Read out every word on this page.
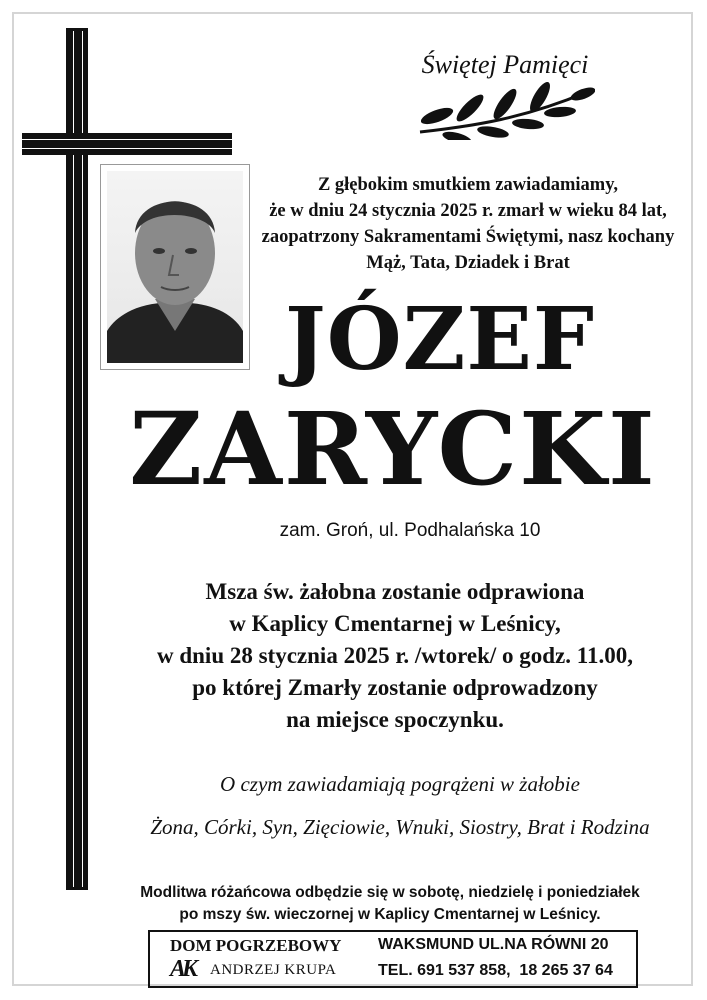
Świętej Pamięci
Z głębokim smutkiem zawiadamiamy,
że w dniu 24 stycznia 2025 r. zmarł w wieku 84 lat,
zaopatrzony Sakramentami Świętymi, nasz kochany
Mąż, Tata, Dziadek i Brat
JÓZEF
ZARYCKI
zam. Groń, ul. Podhalańska 10
Msza św. żałobna zostanie odprawiona
w Kaplicy Cmentarnej w Leśnicy,
w dniu 28 stycznia 2025 r. /wtorek/ o godz. 11.00,
po której Zmarły zostanie odprowadzony
na miejsce spoczynku.
O czym zawiadamiają pogrążeni w żałobie
Żona, Córki, Syn, Zięciowie, Wnuki, Siostry, Brat i Rodzina
Modlitwa różańcowa odbędzie się w sobotę, niedzielę i poniedziałek
po mszy św. wieczornej w Kaplicy Cmentarnej w Leśnicy.
DOM POGRZEBOWY
AK ANDRZEJ KRUPA
WAKSMUND UL.NA RÓWNI 20
TEL. 691 537 858,  18 265 37 64
